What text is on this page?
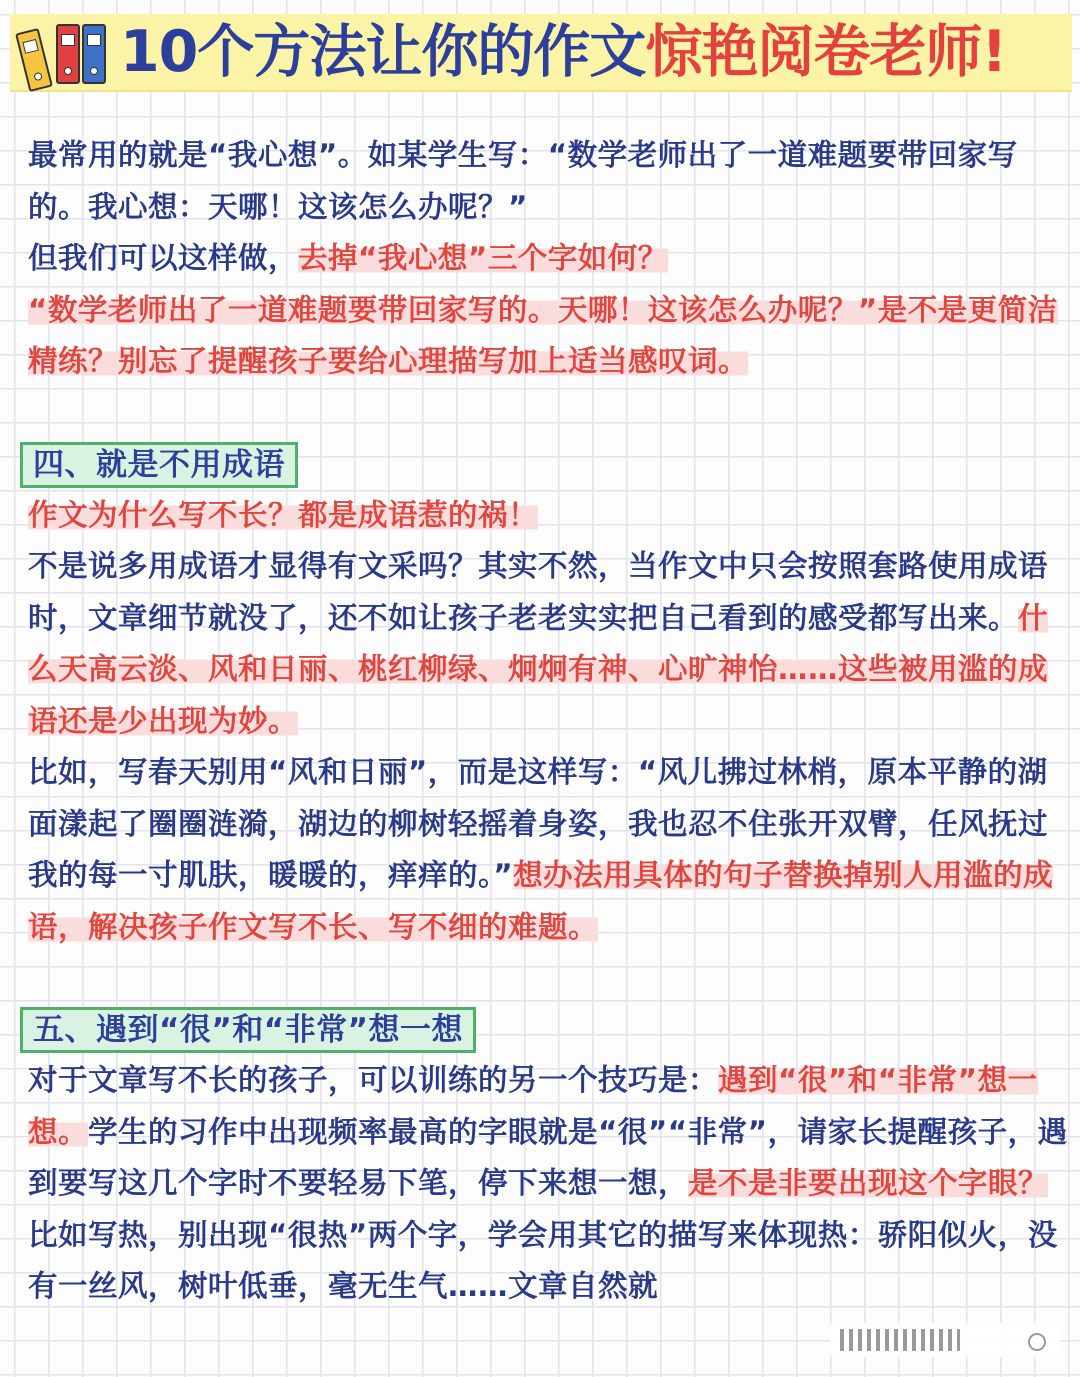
10个方法让你的作文惊艳阅卷老师!

最常用的就是“我心想”。如某学生写：“数学老师出了一道难题要带回家写的。我心想：天哪！这该怎么办呢？”

但我们可以这样做，去掉“我心想”三个字如何？

“数学老师出了一道难题要带回家写的。天哪！这该怎么办呢？”是不是更简洁精练？别忘了提醒孩子要给心理描写加上适当感叹词。

四、就是不用成语

作文为什么写不长？都是成语惹的祸！

不是说多用成语才显得有文采吗？其实不然，当作文中只会按照套路使用成语时，文章细节就没了，还不如让孩子老老实实把自己看到的感受都写出来。什么天高云淡、风和日丽、桃红柳绿、炯炯有神、心旷神怡……这些被用滥的成语还是少出现为妙。

比如，写春天别用“风和日丽”，而是这样写：“风儿拂过林梢，原本平静的湖面漾起了圈圈涟漪，湖边的柳树轻摇着身姿，我也忍不住张开双臂，任风抚过我的每一寸肌肤，暖暖的，痒痒的。”想办法用具体的句子替换掉别人用滥的成语，解决孩子作文写不长、写不细的难题。

五、遇到“很”和“非常”想一想

对于文章写不长的孩子，可以训练的另一个技巧是：遇到“很”和“非常”想一想。学生的习作中出现频率最高的字眼就是“很”“非常”，请家长提醒孩子，遇到要写这几个字时不要轻易下笔，停下来想一想，是不是非要出现这个字眼？

比如写热，别出现“很热”两个字，学会用其它的描写来体现热：骄阳似火，没有一丝风，树叶低垂，毫无生气……文章自然就
